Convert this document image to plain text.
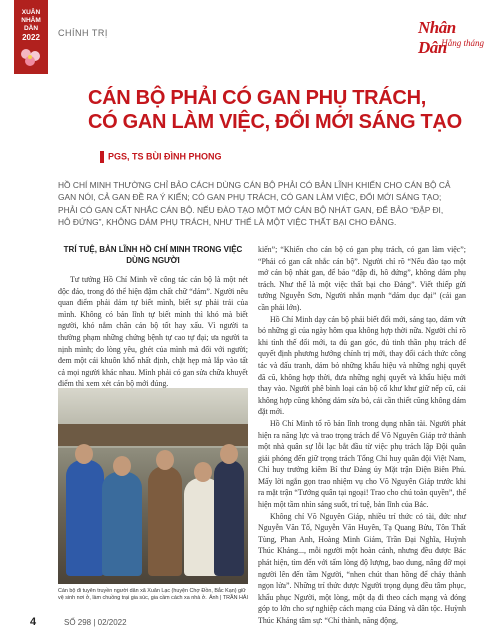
XUÂN
NHÂM DẦN
2022	CHÍNH TRỊ	Nhân Dân
Hằng tháng
CÁN BỘ PHẢI CÓ GAN PHỤ TRÁCH,
CÓ GAN LÀM VIỆC, ĐỔI MỚI SÁNG TẠO
PGS, TS BÙI ĐÌNH PHONG
HỒ CHÍ MINH THƯỜNG CHỈ BẢO CÁCH DÙNG CÁN BỘ PHẢI CÓ BẢN LĨNH KHIẾN CHO CÁN BỘ CẢ GAN NÓI, CẢ GAN ĐỀ RA Ý KIẾN; CÓ GAN PHỤ TRÁCH, CÓ GAN LÀM VIỆC, ĐỔI MỚI SÁNG TẠO; PHẢI CÓ GAN CẤT NHẮC CÁN BỘ. NẾU ĐÀO TẠO MỘT MỚ CÁN BỘ NHÁT GAN, ĐỂ BẢO “ĐẬP ĐI, HÔ ĐỨNG”, KHÔNG DÁM PHỤ TRÁCH, NHƯ THẾ LÀ MỘT VIỆC THẤT BẠI CHO ĐẢNG.
TRÍ TUỆ, BẢN LĨNH HỒ CHÍ MINH TRONG VIỆC DÙNG NGƯỜI

Tư tưởng Hồ Chí Minh về công tác cán bộ là một nét độc đáo, trong đó thể hiện đậm chất chữ “dám”. Người nêu quan điểm phải dám tự biết mình, biết sự phải trái của mình. Không có bản lĩnh tự biết mình thì khó mà biết người, khó nắm chân cán bộ tốt hay xấu. Vì người ta thường phạm những chứng bệnh tự cao tự đại; ưa người ta nịnh mình; do lòng yêu, ghét của mình mà đối với người; đem một cái khuôn khổ nhất định, chặt hẹp mà lắp vào tất cả mọi người khác nhau. Mình phải có gan sửa chữa khuyết điểm thì xem xét cán bộ mới đúng.

Cán bộ đi tuyên truyền người dân xã Xuân Lạc (huyện Chợ Đồn, Bắc Kạn) giữ vệ sinh nơi ở, làm chuồng trại gia súc, gia cầm cách xa nhà ở. Ảnh | TRẦN HẢI

kiến”; “Khiến cho cán bộ có gan phụ trách, có gan làm việc”; “Phải có gan cất nhắc cán bộ”. Người chỉ rõ “Nếu đào tạo một mớ cán bộ nhát gan, để bảo “đập đi, hô đứng”, không dám phụ trách. Như thế là một việc thất bại cho Đảng”. Viết thiếp gửi tướng Nguyễn Sơn, Người nhắn mạnh “dám dục đại” (cải gan cần phải lớn).

Hồ Chí Minh dạy cán bộ phải biết đổi mới, sáng tạo, dám vứt bỏ những gì của ngày hôm qua không hợp thời nữa. Người chỉ rõ khi tình thế đổi mới, ta đủ gan góc, đủ tinh thần phụ trách để quyết định phương hướng chính trị mới, thay đổi cách thức công tác và đấu tranh, dám bỏ những khẩu hiệu và những nghị quyết đã cũ, không hợp thời, đưa những nghị quyết và khẩu hiệu mới thay vào. Người phê bình loại cán bộ cố khư khư giữ nếp cũ, cái không hợp cũng không dám sửa bỏ, cái cần thiết cũng không dám đặt mới.

Hồ Chí Minh tổ rõ bản lĩnh trong dụng nhân tài. Người phát hiện ra năng lực và trao trọng trách để Võ Nguyên Giáp trở thành một nhà quân sự lỗi lạc bắt đầu từ việc phụ trách lập Đội quân giải phóng đến giữ trọng trách Tổng Chỉ huy quân đội Việt Nam, Chỉ huy trưởng kiêm Bí thư Đảng ủy Mặt trận Điện Biên Phủ. Mấy lời ngắn gọn trao nhiệm vụ cho Võ Nguyên Giáp trước khi ra mặt trận “Tướng quân tại ngoại! Trao cho chú toàn quyền”, thể hiện một tầm nhìn sáng suốt, trí tuệ, bản lĩnh của Bác.

Không chỉ Võ Nguyên Giáp, nhiều trí thức có tài, đức như Nguyễn Văn Tố, Nguyễn Văn Huyên, Tạ Quang Bửu, Tôn Thất Tùng, Phan Anh, Hoàng Minh Giám, Trần Đại Nghĩa, Huỳnh Thúc Kháng..., mỗi người một hoàn cảnh, nhưng đều được Bác phát hiện, tìm đến với tấm lòng độ lượng, bao dung, nâng đỡ mọi người lên đến tầm Người, “nhen chút than hồng để cháy thành ngọn lửa”. Những trí thức được Người trọng dụng đều tâm phục, khẩu phục Người, một lòng, một dạ đi theo cách mạng và đóng góp to lớn cho sự nghiệp cách mạng của Đảng và dân tộc. Huỳnh Thúc Kháng tâm sự: “Chí thành, năng động,

4	SỐ 298 | 02/2022
